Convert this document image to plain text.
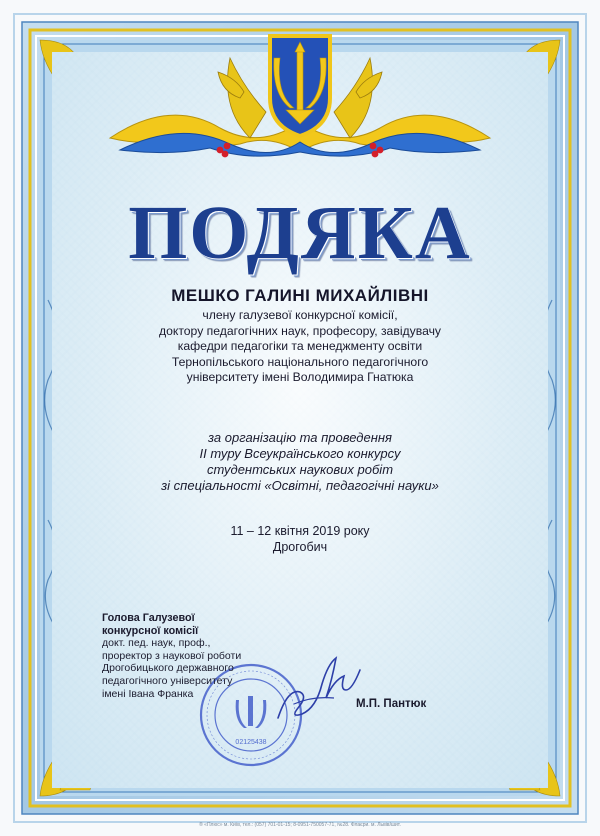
ПОДЯКА
МЕШКО ГАЛИНІ МИХАЙЛІВНІ
члену галузевої конкурсної комісії,
доктору педагогічних наук, професору, завідувачу
кафедри педагогіки та менеджменту освіти
Тернопільського національного педагогічного
університету імені Володимира Гнатюка
за організацію та проведення
ІІ туру Всеукраїнського конкурсу
студентських наукових робіт
зі спеціальності «Освітні, педагогічні науки»
11 – 12 квітня 2019 року
Дрогобич
02125438
Голова Галузевої
конкурсної комісії
докт. пед. наук, проф.,
проректор з наукової роботи
Дрогобицького державного
педагогічного університету
імені Івана Франка
М.П. Пантюк
® «Плюс» м. Київ, тел.: (057) 701-01-15; 8-0951-750057-71, №28. Флаєри. м. Львів/шит.
